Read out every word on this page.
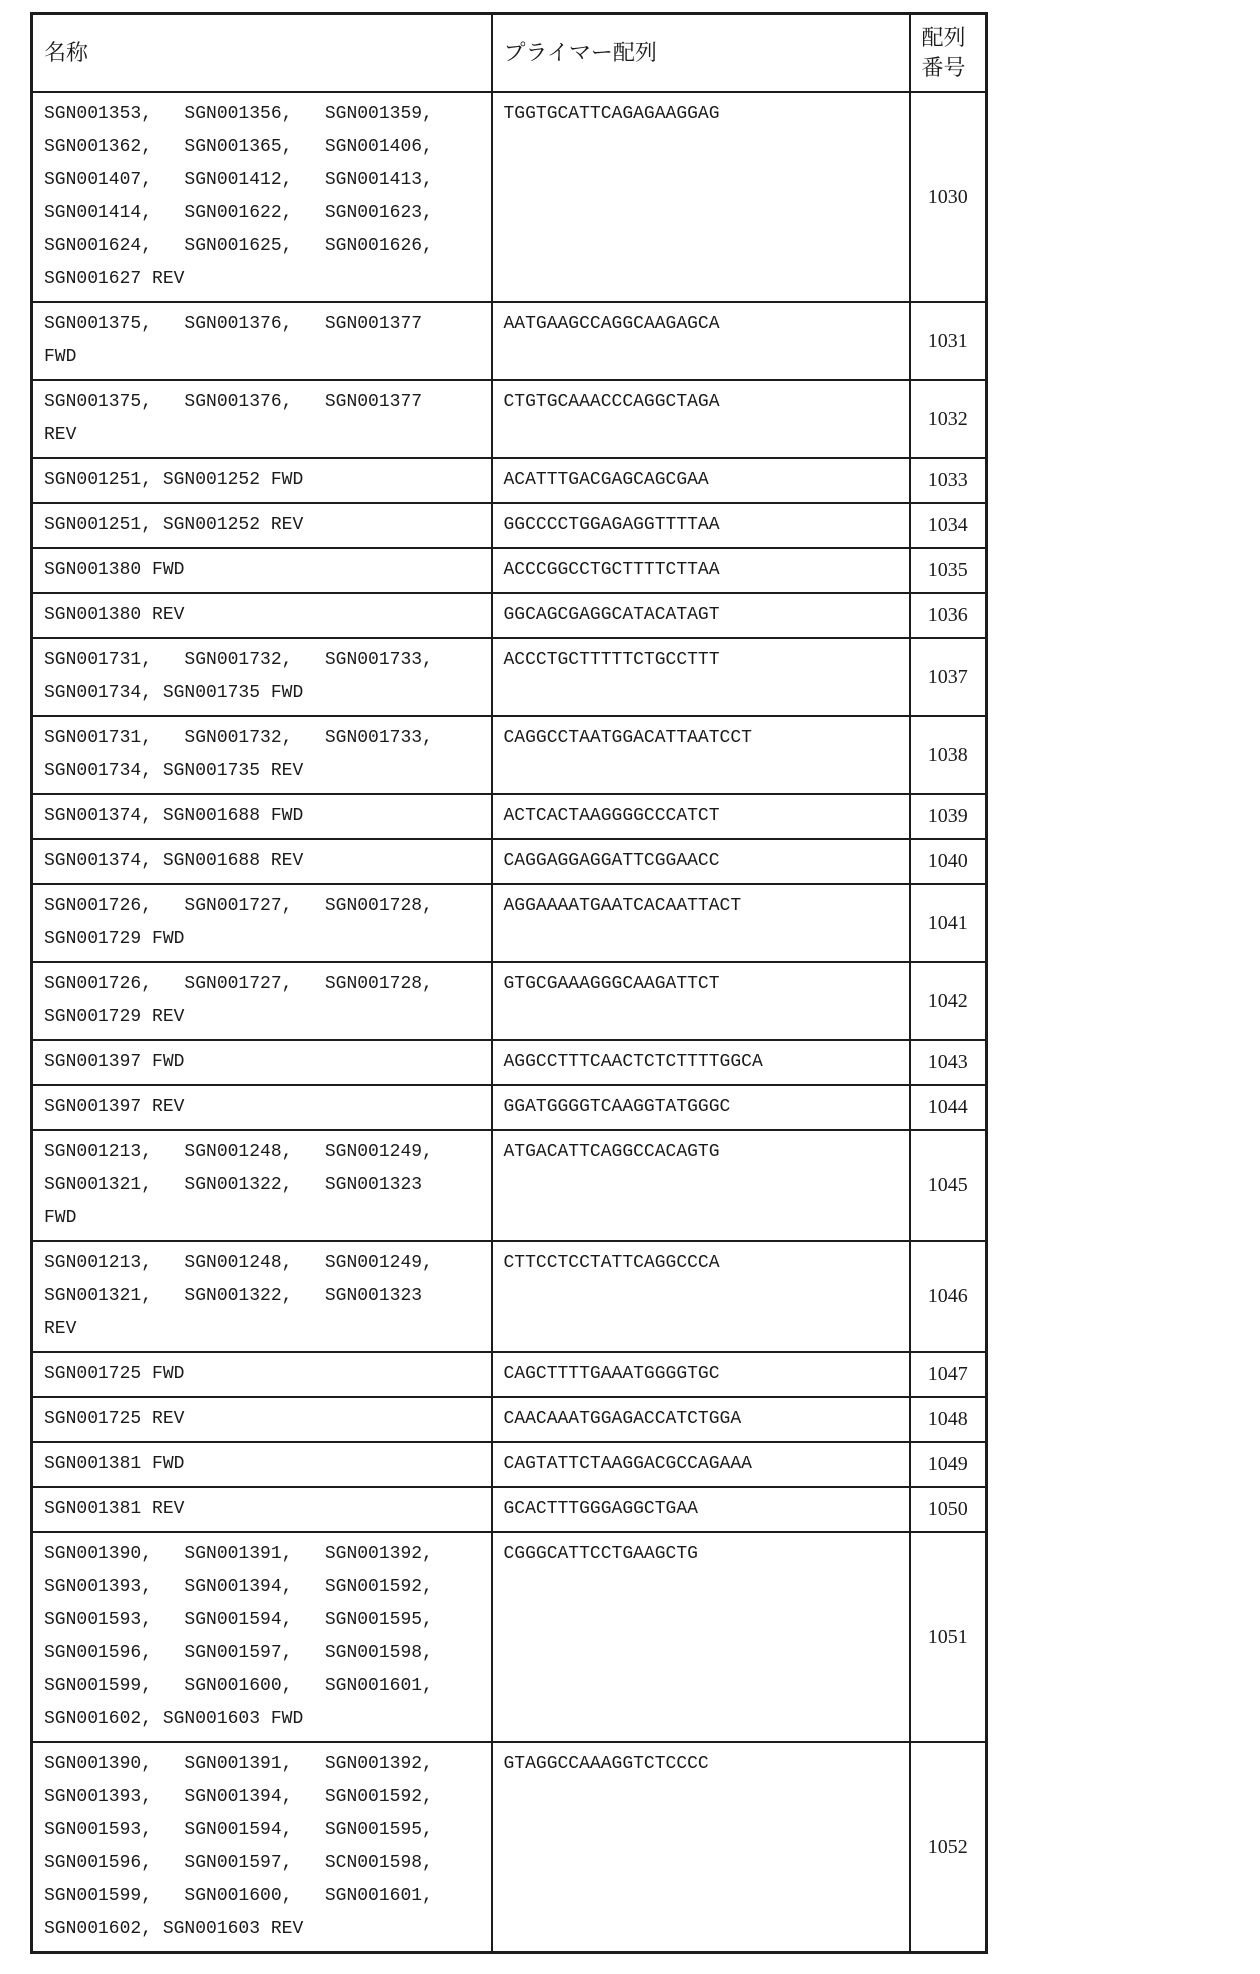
名称	プライマー配列	配列
番号
SGN001353,   SGN001356,   SGN001359,
SGN001362,   SGN001365,   SGN001406,
SGN001407,   SGN001412,   SGN001413,
SGN001414,   SGN001622,   SGN001623,
SGN001624,   SGN001625,   SGN001626,
SGN001627 REV	TGGTGCATTCAGAGAAGGAG	1030
SGN001375,   SGN001376,   SGN001377
FWD	AATGAAGCCAGGCAAGAGCA	1031
SGN001375,   SGN001376,   SGN001377
REV	CTGTGCAAACCCAGGCTAGA	1032
SGN001251, SGN001252 FWD	ACATTTGACGAGCAGCGAA	1033
SGN001251, SGN001252 REV	GGCCCCTGGAGAGGTTTTAA	1034
SGN001380 FWD	ACCCGGCCTGCTTTTCTTAA	1035
SGN001380 REV	GGCAGCGAGGCATACATAGT	1036
SGN001731,   SGN001732,   SGN001733,
SGN001734, SGN001735 FWD	ACCCTGCTTTTTCTGCCTTT	1037
SGN001731,   SGN001732,   SGN001733,
SGN001734, SGN001735 REV	CAGGCCTAATGGACATTAATCCT	1038
SGN001374, SGN001688 FWD	ACTCACTAAGGGGCCCATCT	1039
SGN001374, SGN001688 REV	CAGGAGGAGGATTCGGAACC	1040
SGN001726,   SGN001727,   SGN001728,
SGN001729 FWD	AGGAAAATGAATCACAATTACT	1041
SGN001726,   SGN001727,   SGN001728,
SGN001729 REV	GTGCGAAAGGGCAAGATTCT	1042
SGN001397 FWD	AGGCCTTTCAACTCTCTTTTGGCA	1043
SGN001397 REV	GGATGGGGTCAAGGTATGGGC	1044
SGN001213,   SGN001248,   SGN001249,
SGN001321,   SGN001322,   SGN001323
FWD	ATGACATTCAGGCCACAGTG	1045
SGN001213,   SGN001248,   SGN001249,
SGN001321,   SGN001322,   SGN001323
REV	CTTCCTCCTATTCAGGCCCA	1046
SGN001725 FWD	CAGCTTTTGAAATGGGGTGC	1047
SGN001725 REV	CAACAAATGGAGACCATCTGGA	1048
SGN001381 FWD	CAGTATTCTAAGGACGCCAGAAA	1049
SGN001381 REV	GCACTTTGGGAGGCTGAA	1050
SGN001390,   SGN001391,   SGN001392,
SGN001393,   SGN001394,   SGN001592,
SGN001593,   SGN001594,   SGN001595,
SGN001596,   SGN001597,   SGN001598,
SGN001599,   SGN001600,   SGN001601,
SGN001602, SGN001603 FWD	CGGGCATTCCTGAAGCTG	1051
SGN001390,   SGN001391,   SGN001392,
SGN001393,   SGN001394,   SGN001592,
SGN001593,   SGN001594,   SGN001595,
SGN001596,   SGN001597,   SCN001598,
SGN001599,   SGN001600,   SGN001601,
SGN001602, SGN001603 REV	GTAGGCCAAAGGTCTCCCC	1052
